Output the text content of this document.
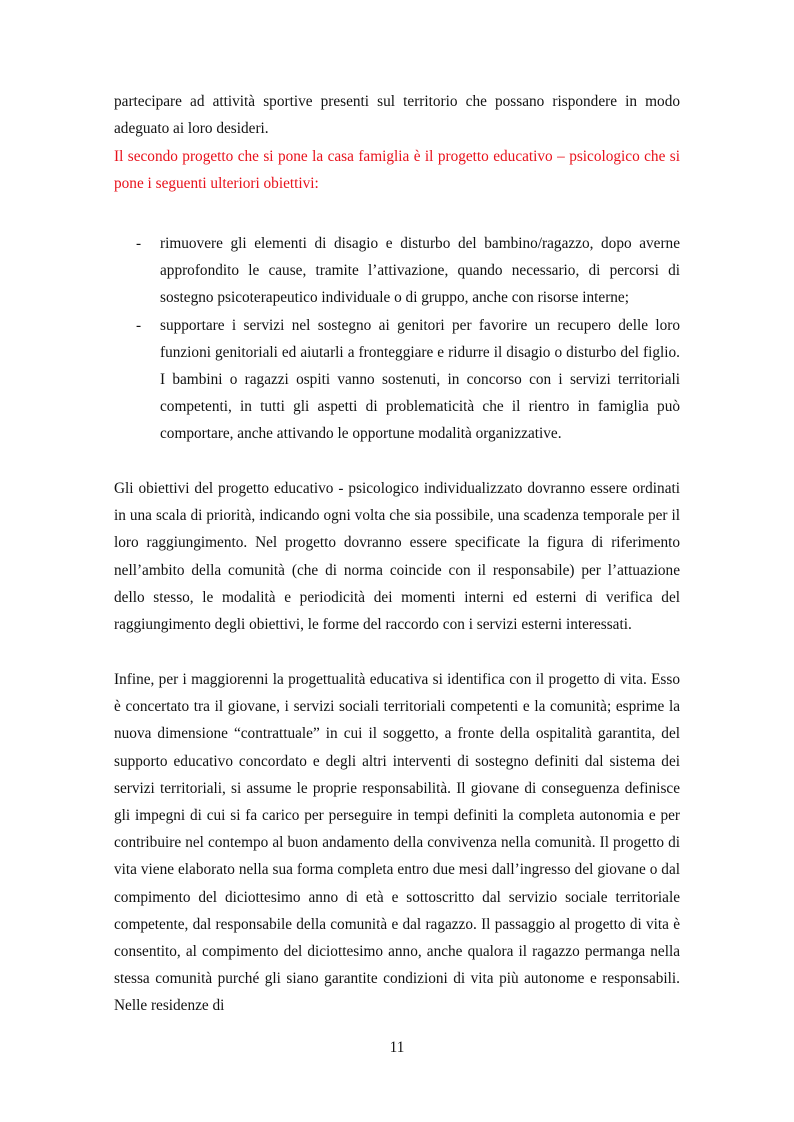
partecipare ad attività sportive presenti sul territorio che possano rispondere in modo adeguato ai loro desideri.

Il secondo progetto che si pone la casa famiglia è il progetto educativo – psicologico che si pone i seguenti ulteriori obiettivi:

- rimuovere gli elementi di disagio e disturbo del bambino/ragazzo, dopo averne approfondito le cause, tramite l’attivazione, quando necessario, di percorsi di sostegno psicoterapeutico individuale o di gruppo, anche con risorse interne;
- supportare i servizi nel sostegno ai genitori per favorire un recupero delle loro funzioni genitoriali ed aiutarli a fronteggiare e ridurre il disagio o disturbo del figlio. I bambini o ragazzi ospiti vanno sostenuti, in concorso con i servizi territoriali competenti, in tutti gli aspetti di problematicità che il rientro in famiglia può comportare, anche attivando le opportune modalità organizzative.

Gli obiettivi del progetto educativo - psicologico individualizzato dovranno essere ordinati in una scala di priorità, indicando ogni volta che sia possibile, una scadenza temporale per il loro raggiungimento. Nel progetto dovranno essere specificate la figura di riferimento nell’ambito della comunità (che di norma coincide con il responsabile) per l’attuazione dello stesso, le modalità e periodicità dei momenti interni ed esterni di verifica del raggiungimento degli obiettivi, le forme del raccordo con i servizi esterni interessati.

Infine, per i maggiorenni la progettualità educativa si identifica con il progetto di vita. Esso è concertato tra il giovane, i servizi sociali territoriali competenti e la comunità; esprime la nuova dimensione “contrattuale” in cui il soggetto, a fronte della ospitalità garantita, del supporto educativo concordato e degli altri interventi di sostegno definiti dal sistema dei servizi territoriali, si assume le proprie responsabilità. Il giovane di conseguenza definisce gli impegni di cui si fa carico per perseguire in tempi definiti la completa autonomia e per contribuire nel contempo al buon andamento della convivenza nella comunità. Il progetto di vita viene elaborato nella sua forma completa entro due mesi dall’ingresso del giovane o dal compimento del diciottesimo anno di età e sottoscritto dal servizio sociale territoriale competente, dal responsabile della comunità e dal ragazzo. Il passaggio al progetto di vita è consentito, al compimento del diciottesimo anno, anche qualora il ragazzo permanga nella stessa comunità purché gli siano garantite condizioni di vita più autonome e responsabili. Nelle residenze di

11
